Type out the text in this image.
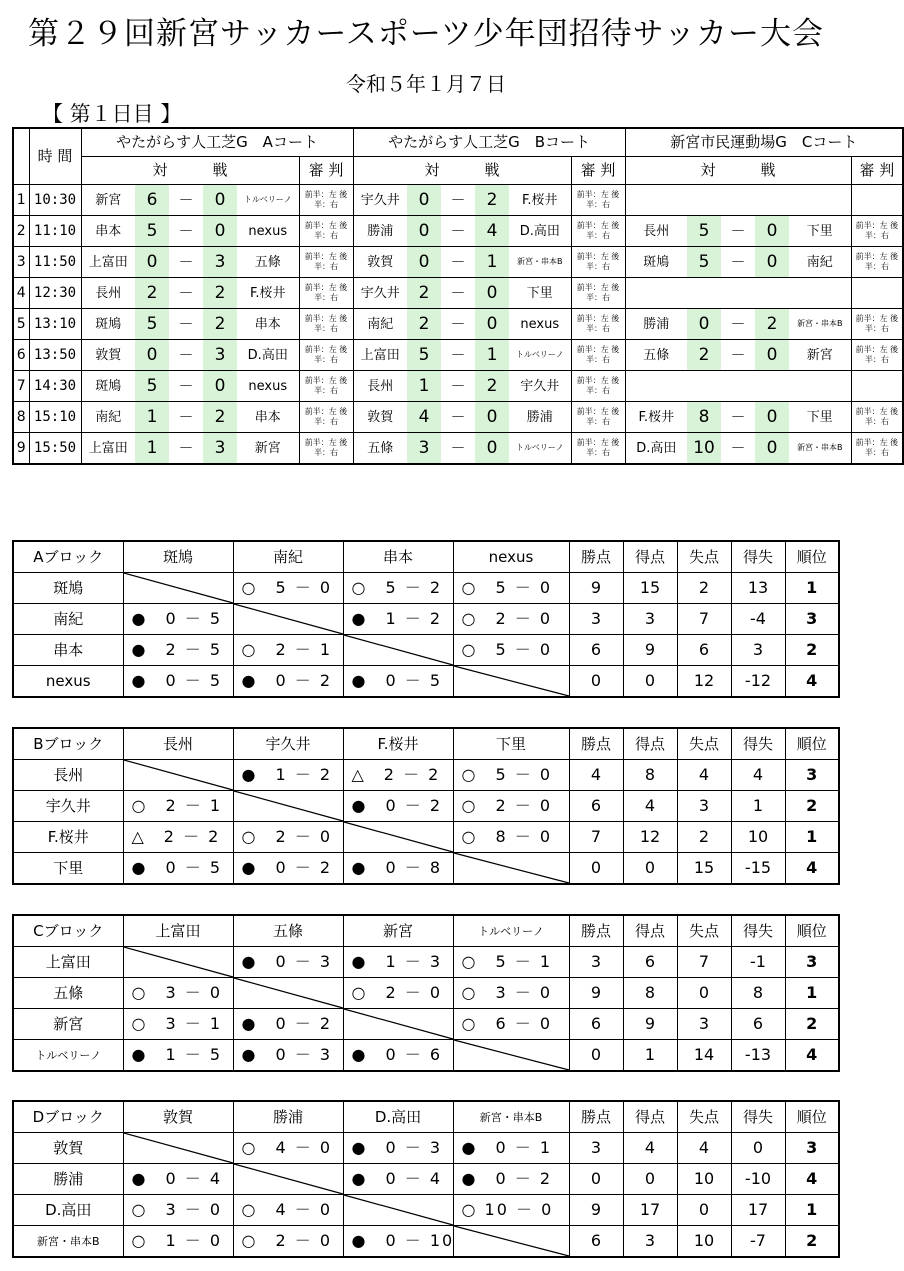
第２９回新宮サッカースポーツ少年団招待サッカー大会
令和５年１月７日
【 第１日目 】
	時 間	やたがらす人工芝G　Aコート						やたがらす人工芝G　Bコート						新宮市民運動場G　Cコート					
		対　　　戦					審 判	対　　　戦					審 判	対　　　戦					審 判
1	10:30	新宮	6	－	0	トルベリーノ	前半：左 後半：右	宇久井	0	－	2	F.桜井	前半：左 後半：右						
2	11:10	串本	5	－	0	nexus	前半：左 後半：右	勝浦	0	－	4	D.高田	前半：左 後半：右	長州	5	－	0	下里	前半：左 後半：右
3	11:50	上富田	0	－	3	五條	前半：左 後半：右	敦賀	0	－	1	新宮・串本B	前半：左 後半：右	斑鳩	5	－	0	南紀	前半：左 後半：右
4	12:30	長州	2	－	2	F.桜井	前半：左 後半：右	宇久井	2	－	0	下里	前半：左 後半：右						
5	13:10	斑鳩	5	－	2	串本	前半：左 後半：右	南紀	2	－	0	nexus	前半：左 後半：右	勝浦	0	－	2	新宮・串本B	前半：左 後半：右
6	13:50	敦賀	0	－	3	D.高田	前半：左 後半：右	上富田	5	－	1	トルベリーノ	前半：左 後半：右	五條	2	－	0	新宮	前半：左 後半：右
7	14:30	斑鳩	5	－	0	nexus	前半：左 後半：右	長州	1	－	2	宇久井	前半：左 後半：右						
8	15:10	南紀	1	－	2	串本	前半：左 後半：右	敦賀	4	－	0	勝浦	前半：左 後半：右	F.桜井	8	－	0	下里	前半：左 後半：右
9	15:50	上富田	1	－	3	新宮	前半：左 後半：右	五條	3	－	0	トルベリーノ	前半：左 後半：右	D.高田	10	－	0	新宮・串本B	前半：左 後半：右
Aブロック	斑鳩	南紀	串本	nexus	勝点	得点	失点	得失	順位
斑鳩		○　5 － 0	○　5 － 2	○　5 － 0	9	15	2	13	1
南紀	●　0 － 5		●　1 － 2	○　2 － 0	3	3	7	-4	3
串本	●　2 － 5	○　2 － 1		○　5 － 0	6	9	6	3	2
nexus	●　0 － 5	●　0 － 2	●　0 － 5		0	0	12	-12	4
Bブロック	長州	宇久井	F.桜井	下里	勝点	得点	失点	得失	順位
長州		●　1 － 2	△　2 － 2	○　5 － 0	4	8	4	4	3
宇久井	○　2 － 1		●　0 － 2	○　2 － 0	6	4	3	1	2
F.桜井	△　2 － 2	○　2 － 0		○　8 － 0	7	12	2	10	1
下里	●　0 － 5	●　0 － 2	●　0 － 8		0	0	15	-15	4
Cブロック	上富田	五條	新宮	トルベリーノ	勝点	得点	失点	得失	順位
上富田		●　0 － 3	●　1 － 3	○　5 － 1	3	6	7	-1	3
五條	○　3 － 0		○　2 － 0	○　3 － 0	9	8	0	8	1
新宮	○　3 － 1	●　0 － 2		○　6 － 0	6	9	3	6	2
トルベリーノ	●　1 － 5	●　0 － 3	●　0 － 6		0	1	14	-13	4
Dブロック	敦賀	勝浦	D.高田	新宮・串本B	勝点	得点	失点	得失	順位
敦賀		○　4 － 0	●　0 － 3	●　0 － 1	3	4	4	0	3
勝浦	●　0 － 4		●　0 － 4	●　0 － 2	0	0	10	-10	4
D.高田	○　3 － 0	○　4 － 0		○ 10 － 0	9	17	0	17	1
新宮・串本B	○　1 － 0	○　2 － 0	●　0 － 10		6	3	10	-7	2
